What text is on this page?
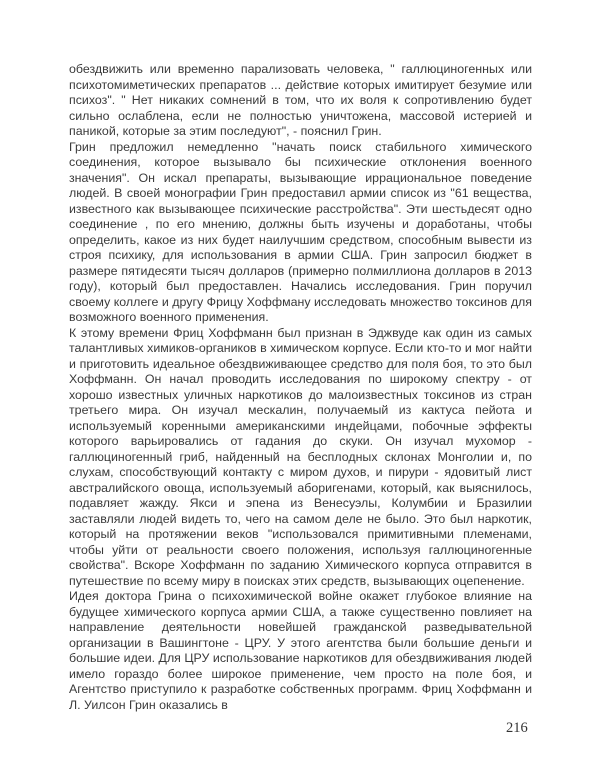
обездвижить или временно парализовать человека, " галлюциногенных или психотомиметических препаратов ... действие которых имитирует безумие или психоз". " Нет никаких сомнений в том, что их воля к сопротивлению будет сильно ослаблена, если не полностью уничтожена, массовой истерией и паникой, которые за этим последуют", - пояснил Грин.

Грин предложил немедленно "начать поиск стабильного химического соединения, которое вызывало бы психические отклонения военного значения". Он искал препараты, вызывающие иррациональное поведение людей. В своей монографии Грин предоставил армии список из "61 вещества, известного как вызывающее психические расстройства". Эти шестьдесят одно соединение , по его мнению, должны быть изучены и доработаны, чтобы определить, какое из них будет наилучшим средством, способным вывести из строя психику, для использования в армии США. Грин запросил бюджет в размере пятидесяти тысяч долларов (примерно полмиллиона долларов в 2013 году), который был предоставлен. Начались исследования. Грин поручил своему коллеге и другу Фрицу Хоффману исследовать множество токсинов для возможного военного применения.

К этому времени Фриц Хоффманн был признан в Эджвуде как один из самых талантливых химиков-органиков в химическом корпусе. Если кто-то и мог найти и приготовить идеальное обездвиживающее средство для поля боя, то это был Хоффманн. Он начал проводить исследования по широкому спектру - от хорошо известных уличных наркотиков до малоизвестных токсинов из стран третьего мира. Он изучал мескалин, получаемый из кактуса пейота и используемый коренными американскими индейцами, побочные эффекты которого варьировались от гадания до скуки. Он изучал мухомор - галлюциногенный гриб, найденный на бесплодных склонах Монголии и, по слухам, способствующий контакту с миром духов, и пирури - ядовитый лист австралийского овоща, используемый аборигенами, который, как выяснилось, подавляет жажду. Якси и эпена из Венесуэлы, Колумбии и Бразилии заставляли людей видеть то, чего на самом деле не было. Это был наркотик, который на протяжении веков "использовался примитивными племенами, чтобы уйти от реальности своего положения, используя галлюциногенные свойства". Вскоре Хоффманн по заданию Химического корпуса отправится в путешествие по всему миру в поисках этих средств, вызывающих оцепенение.

Идея доктора Грина о психохимической войне окажет глубокое влияние на будущее химического корпуса армии США, а также существенно повлияет на направление деятельности новейшей гражданской разведывательной организации в Вашингтоне - ЦРУ. У этого агентства были большие деньги и большие идеи. Для ЦРУ использование наркотиков для обездвиживания людей имело гораздо более широкое применение, чем просто на поле боя, и Агентство приступило к разработке собственных программ. Фриц Хоффманн и Л. Уилсон Грин оказались в

216
